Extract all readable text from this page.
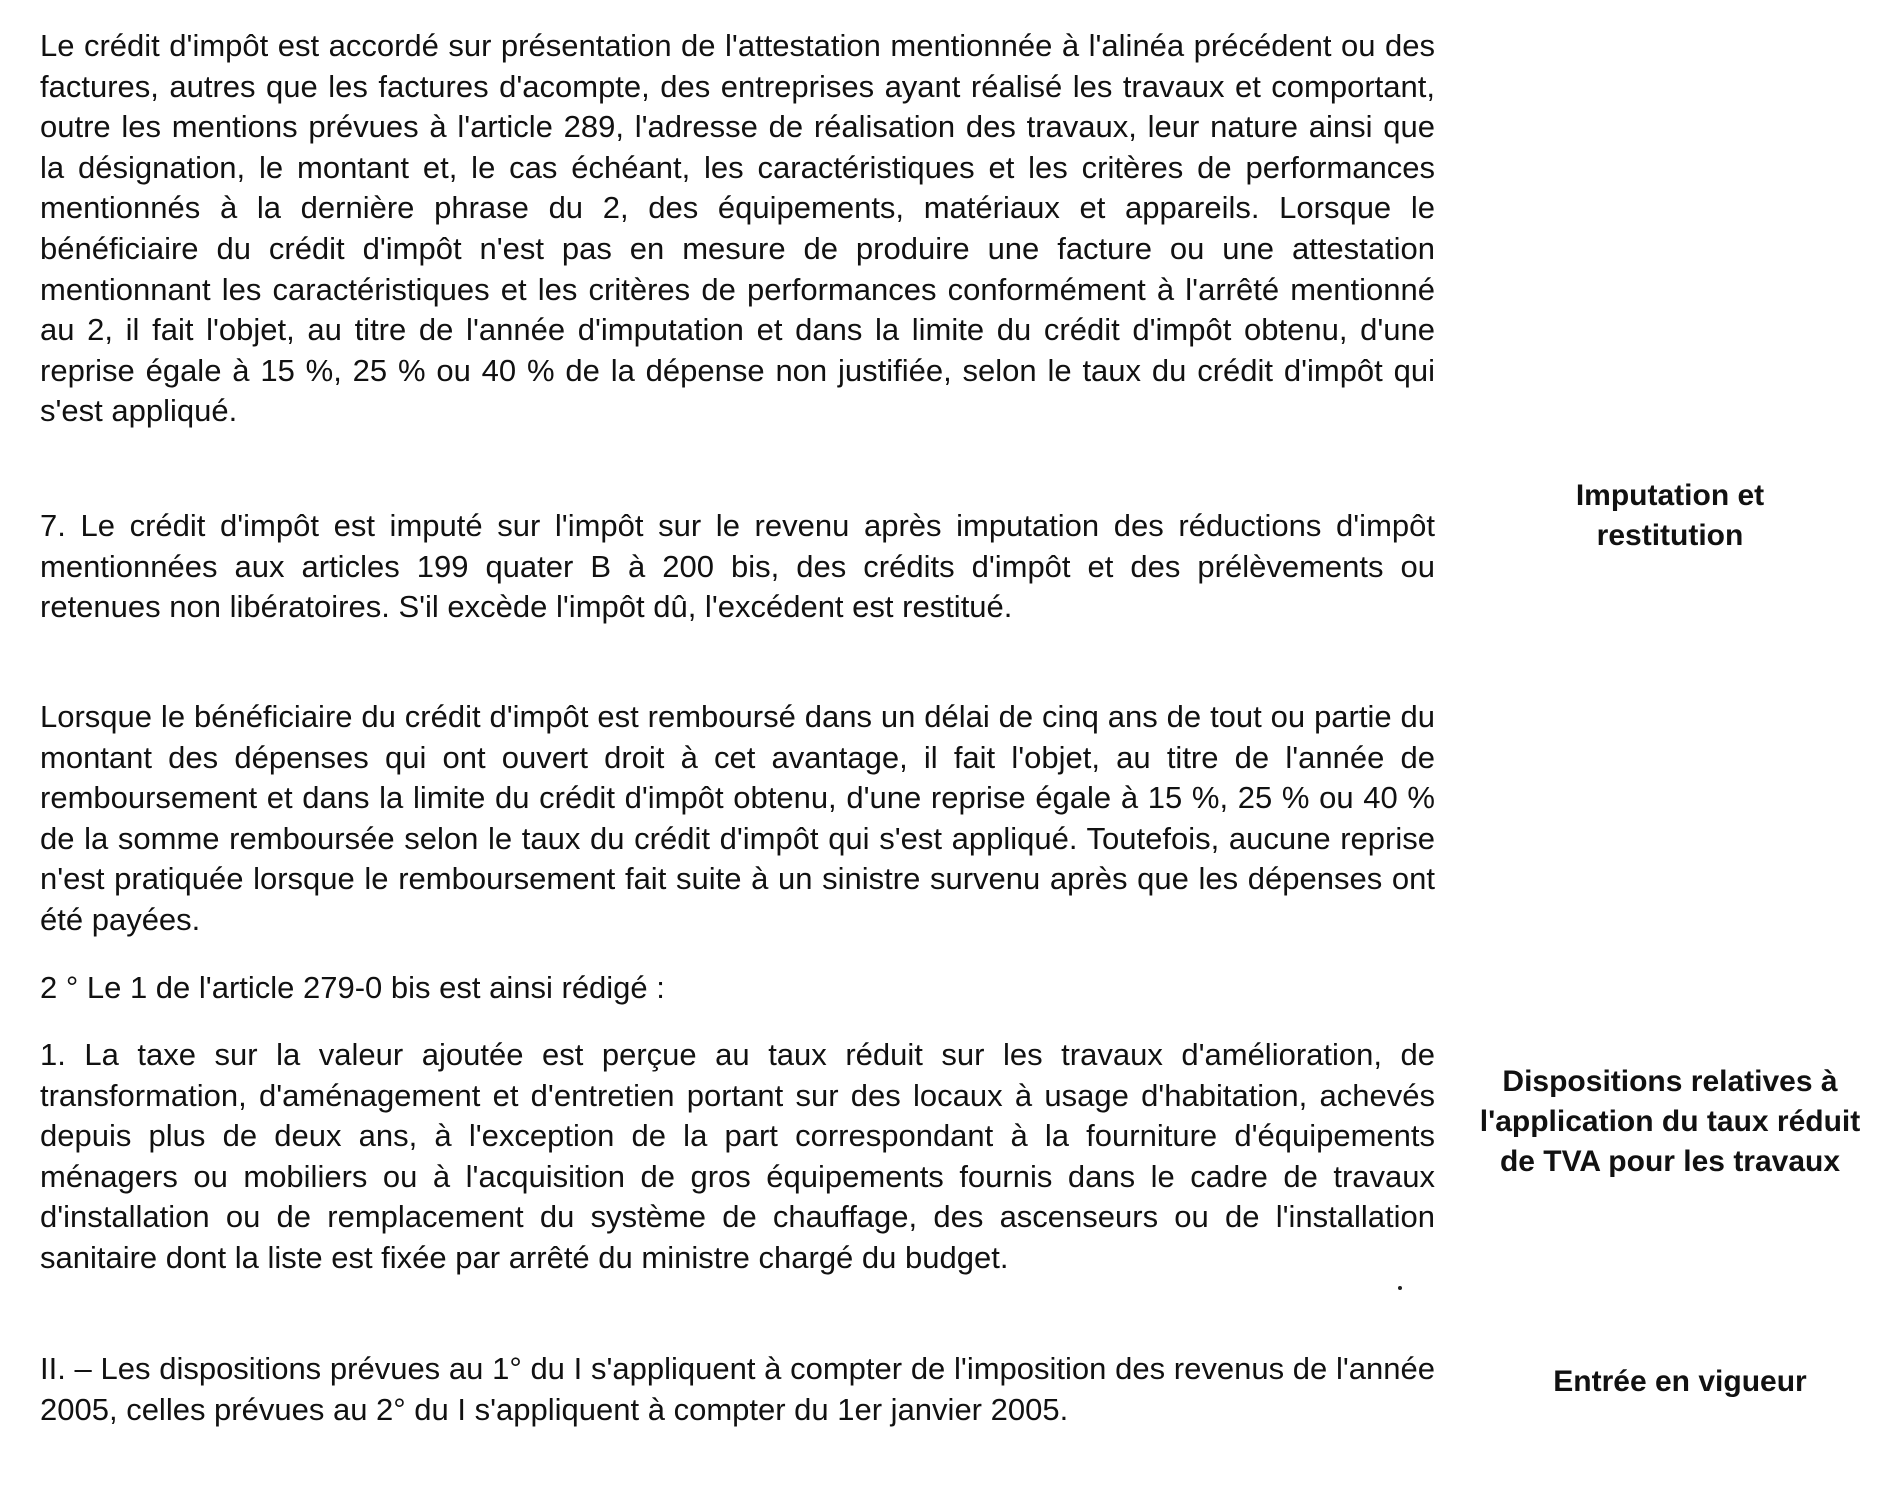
Le crédit d'impôt est accordé sur présentation de l'attestation mentionnée à l'alinéa précédent ou des factures, autres que les factures d'acompte, des entreprises ayant réalisé les travaux et comportant, outre les mentions prévues à l'article 289, l'adresse de réalisation des travaux, leur nature ainsi que la désignation, le montant et, le cas échéant, les caractéristiques et les critères de performances mentionnés à la dernière phrase du 2, des équipements, matériaux et appareils. Lorsque le bénéficiaire du crédit d'impôt n'est pas en mesure de produire une facture ou une attestation mentionnant les caractéristiques et les critères de performances conformément à l'arrêté mentionné au 2, il fait l'objet, au titre de l'année d'imputation et dans la limite du crédit d'impôt obtenu, d'une reprise égale à 15 %, 25 % ou 40 % de la dépense non justifiée, selon le taux du crédit d'impôt qui s'est appliqué.

7. Le crédit d'impôt est imputé sur l'impôt sur le revenu après imputation des réductions d'impôt mentionnées aux articles 199 quater B à 200 bis, des crédits d'impôt et des prélèvements ou retenues non libératoires. S'il excède l'impôt dû, l'excédent est restitué.

Lorsque le bénéficiaire du crédit d'impôt est remboursé dans un délai de cinq ans de tout ou partie du montant des dépenses qui ont ouvert droit à cet avantage, il fait l'objet, au titre de l'année de remboursement et dans la limite du crédit d'impôt obtenu, d'une reprise égale à 15 %, 25 % ou 40 % de la somme remboursée selon le taux du crédit d'impôt qui s'est appliqué. Toutefois, aucune reprise n'est pratiquée lorsque le remboursement fait suite à un sinistre survenu après que les dépenses ont été payées.

2 ° Le 1 de l'article 279-0 bis est ainsi rédigé :

1. La taxe sur la valeur ajoutée est perçue au taux réduit sur les travaux d'amélioration, de transformation, d'aménagement et d'entretien portant sur des locaux à usage d'habitation, achevés depuis plus de deux ans, à l'exception de la part correspondant à la fourniture d'équipements ménagers ou mobiliers ou à l'acquisition de gros équipements fournis dans le cadre de travaux d'installation ou de remplacement du système de chauffage, des ascenseurs ou de l'installation sanitaire dont la liste est fixée par arrêté du ministre chargé du budget.

II. – Les dispositions prévues au 1° du I s'appliquent à compter de l'imposition des revenus de l'année 2005, celles prévues au 2° du I s'appliquent à compter du 1er janvier 2005.

Imputation et restitution

Dispositions relatives à l'application du taux réduit de TVA pour les travaux

Entrée en vigueur
